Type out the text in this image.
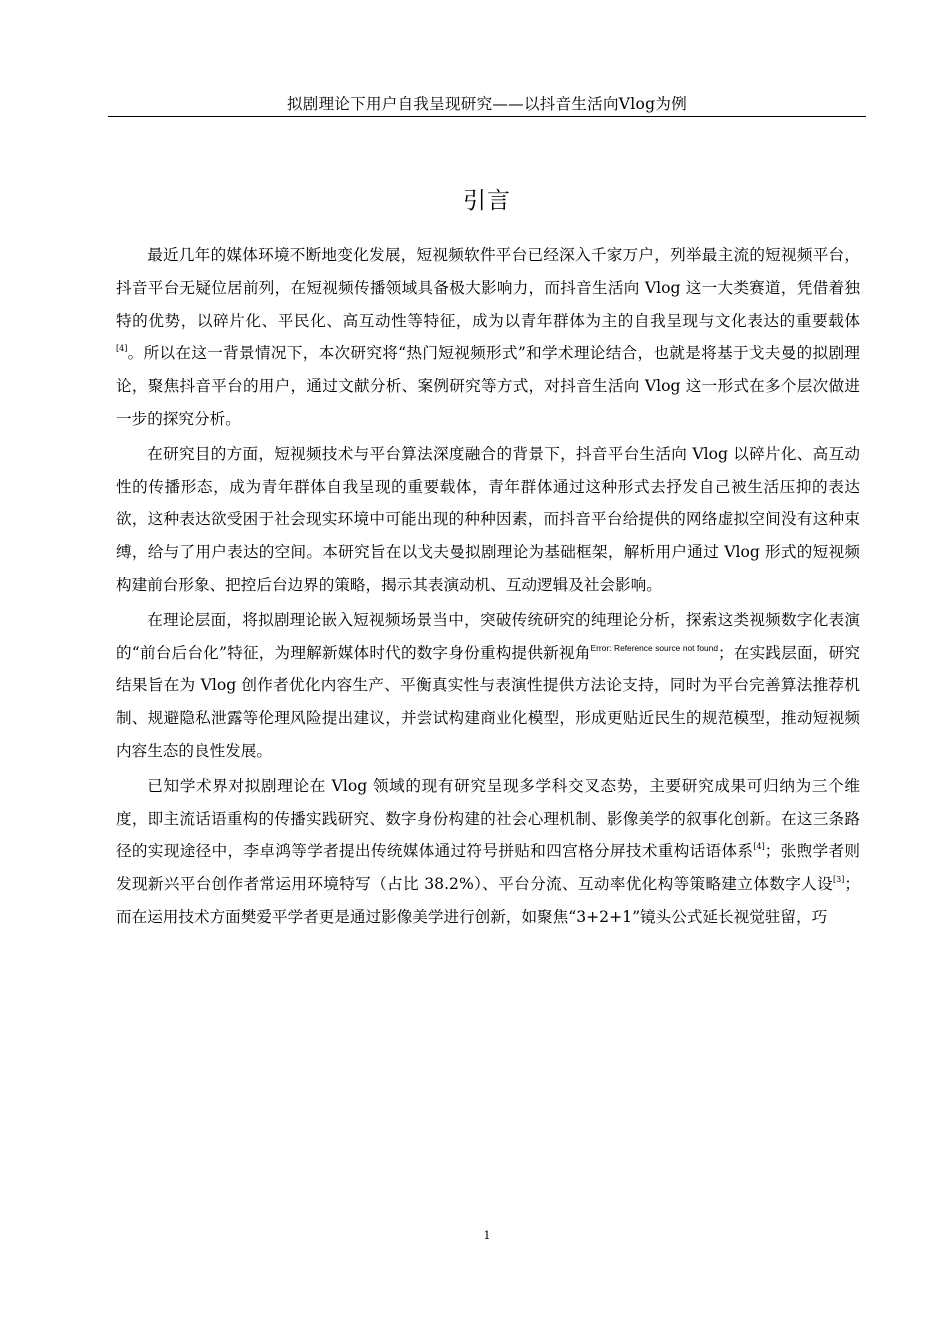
拟剧理论下用户自我呈现研究——以抖音生活向Vlog为例
引言

最近几年的媒体环境不断地变化发展，短视频软件平台已经深入千家万户，列举最主流的短视频平台，抖音平台无疑位居前列，在短视频传播领域具备极大影响力，而抖音生活向 Vlog 这一大类赛道，凭借着独特的优势，以碎片化、平民化、高互动性等特征，成为以青年群体为主的自我呈现与文化表达的重要载体[4]。所以在这一背景情况下，本次研究将“热门短视频形式”和学术理论结合，也就是将基于戈夫曼的拟剧理论，聚焦抖音平台的用户，通过文献分析、案例研究等方式，对抖音生活向 Vlog 这一形式在多个层次做进一步的探究分析。

在研究目的方面，短视频技术与平台算法深度融合的背景下，抖音平台生活向 Vlog 以碎片化、高互动性的传播形态，成为青年群体自我呈现的重要载体，青年群体通过这种形式去抒发自己被生活压抑的表达欲，这种表达欲受困于社会现实环境中可能出现的种种因素，而抖音平台给提供的网络虚拟空间没有这种束缚，给与了用户表达的空间。本研究旨在以戈夫曼拟剧理论为基础框架，解析用户通过 Vlog 形式的短视频构建前台形象、把控后台边界的策略，揭示其表演动机、互动逻辑及社会影响。

在理论层面，将拟剧理论嵌入短视频场景当中，突破传统研究的纯理论分析，探索这类视频数字化表演的“前台后台化”特征，为理解新媒体时代的数字身份重构提供新视角$^{Error: Reference source not found}$；在实践层面，研究结果旨在为 Vlog 创作者优化内容生产、平衡真实性与表演性提供方法论支持，同时为平台完善算法推荐机制、规避隐私泄露等伦理风险提出建议，并尝试构建商业化模型，形成更贴近民生的规范模型，推动短视频内容生态的良性发展。

已知学术界对拟剧理论在 Vlog 领域的现有研究呈现多学科交叉态势，主要研究成果可归纳为三个维度，即主流话语重构的传播实践研究、数字身份构建的社会心理机制、影像美学的叙事化创新。在这三条路径的实现途径中，李卓鸿等学者提出传统媒体通过符号拼贴和四宫格分屏技术重构话语体系[4]；张煦学者则发现新兴平台创作者常运用环境特写（占比 38.2%）、平台分流、互动率优化构等策略建立体数字人设[3]；而在运用技术方面樊爱平学者更是通过影像美学进行创新，如聚焦“3+2+1”镜头公式延长视觉驻留，巧

1
